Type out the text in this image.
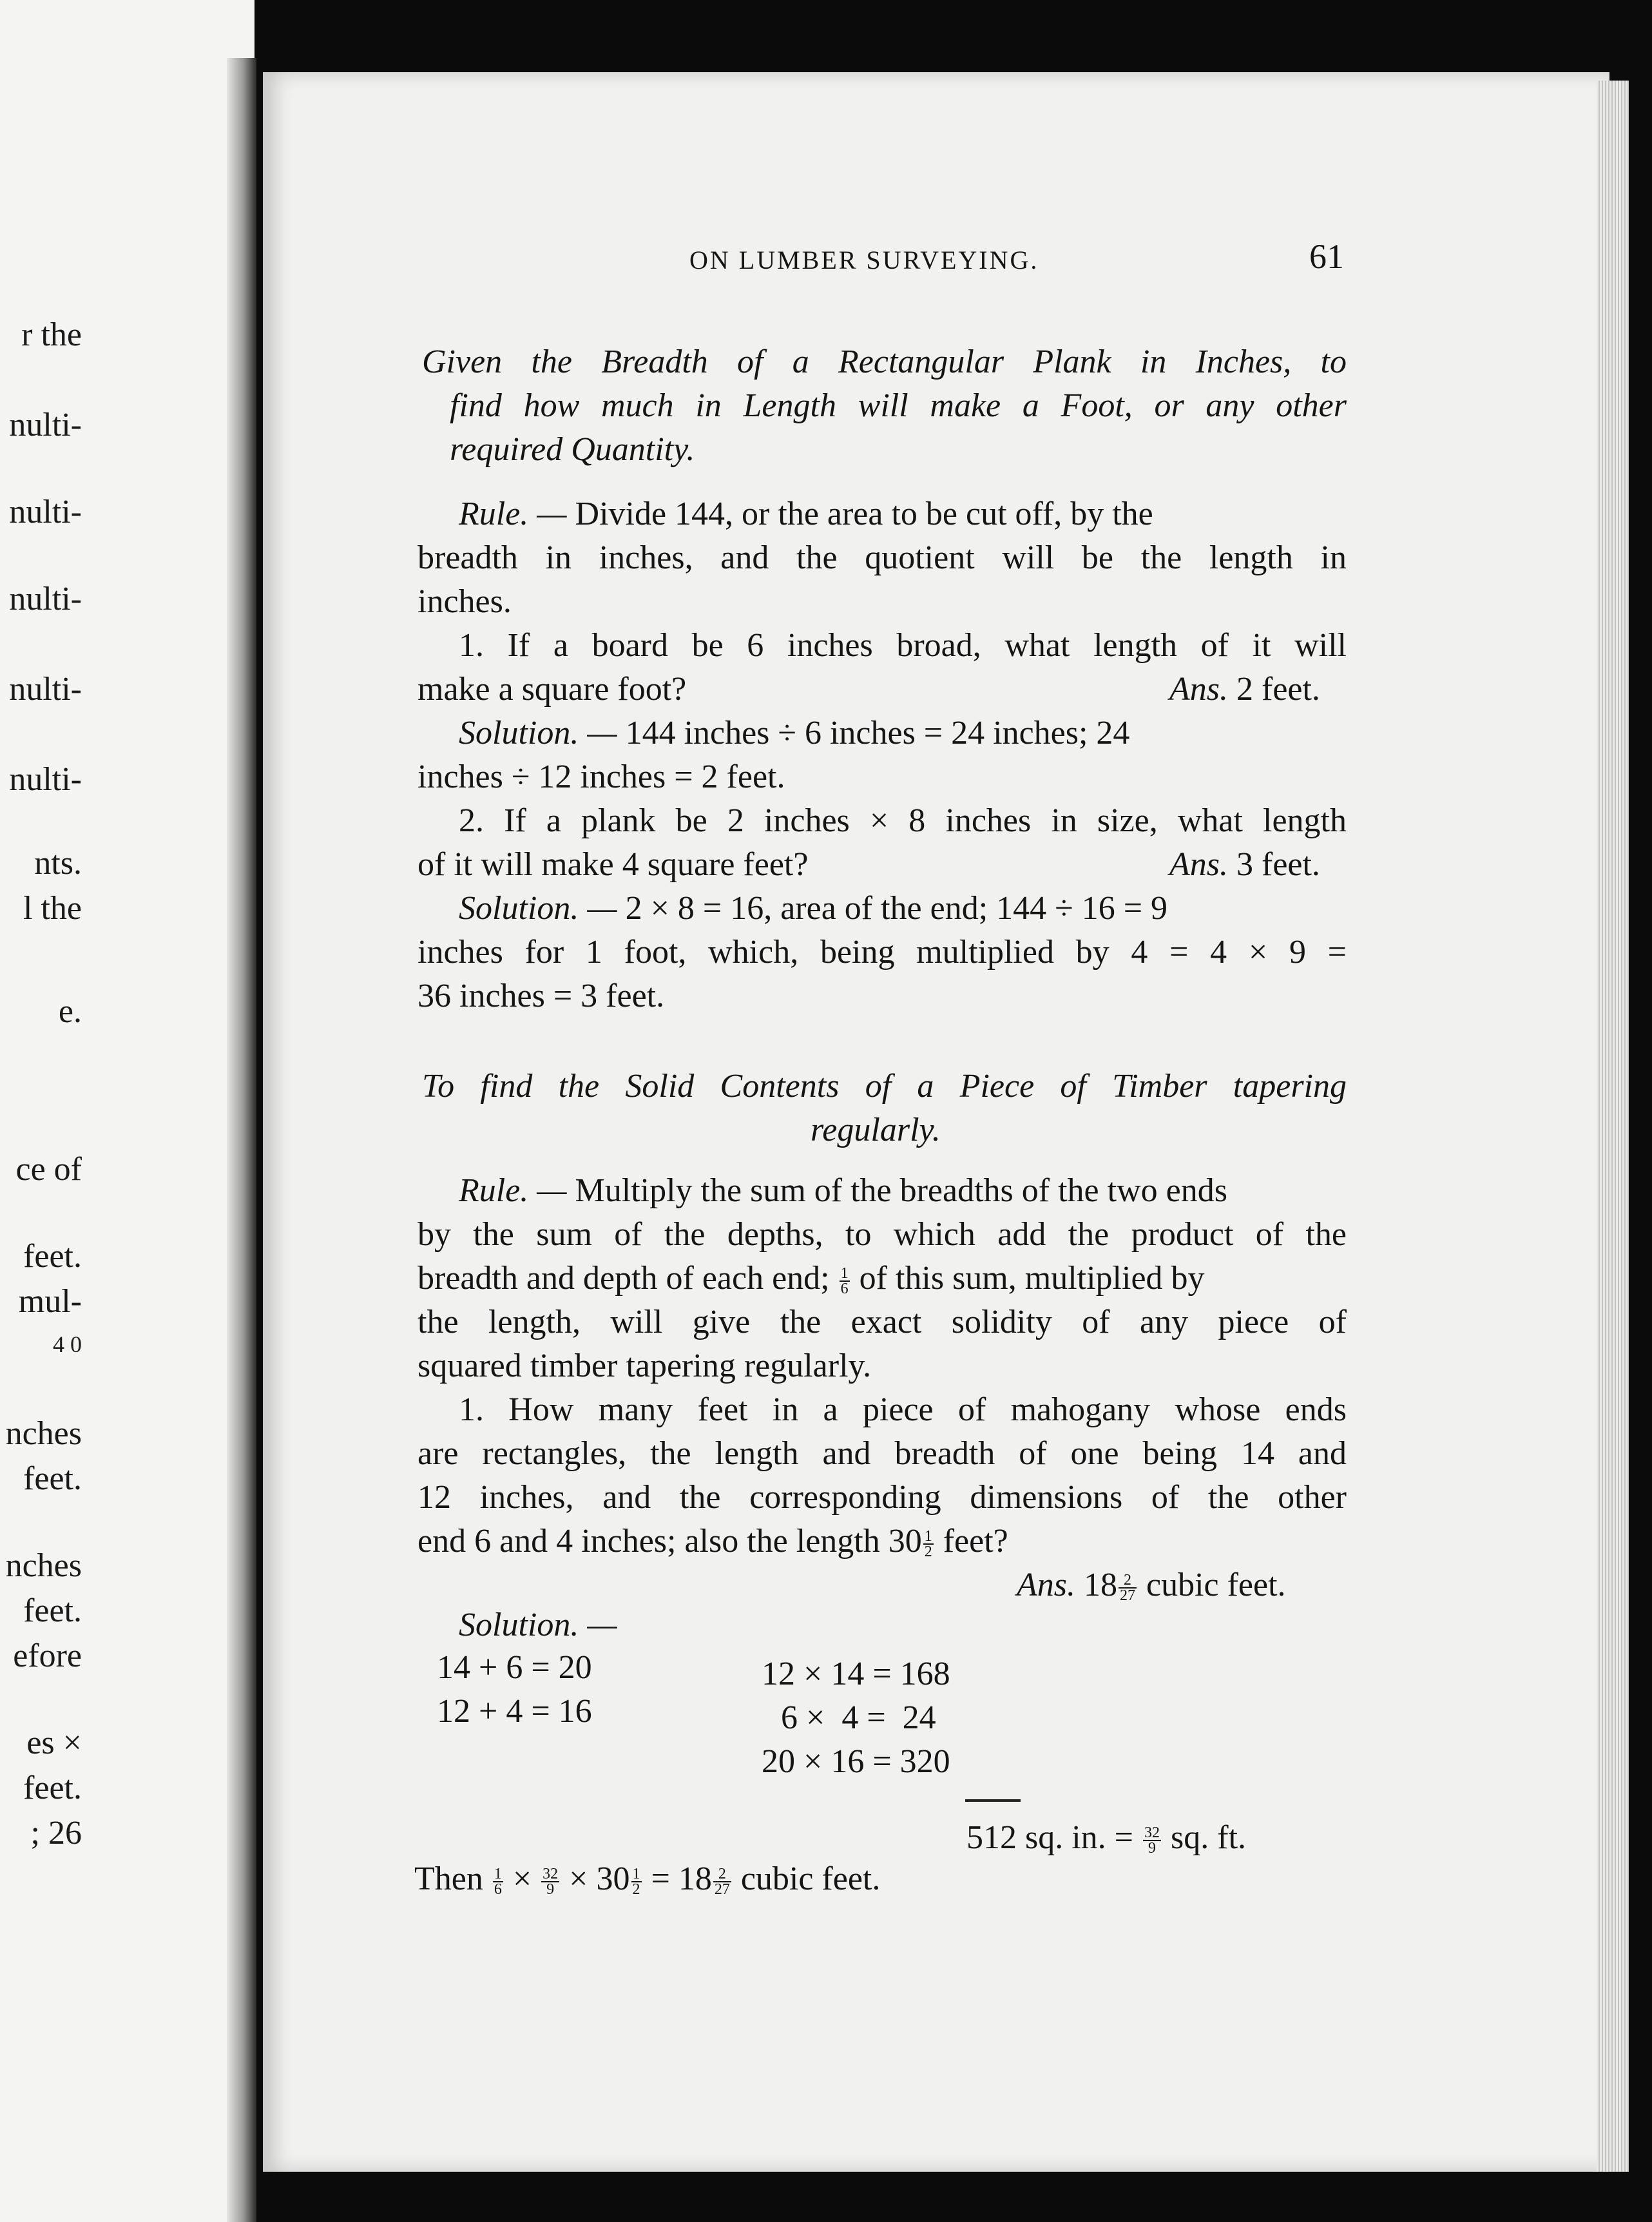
r the
nulti-
nulti-
nulti-
nulti-
nulti-
nts.
l the
e.
ce of
feet.
mul-
4 0
nches
feet.
nches
feet.
efore
es ×
feet.
; 26
ON LUMBER SURVEYING.	61
Given the Breadth of a Rectangular Plank in Inches, to
find how much in Length will make a Foot, or any other
required Quantity.
Rule. — Divide 144, or the area to be cut off, by the
breadth in inches, and the quotient will be the length in
inches.
1. If a board be 6 inches broad, what length of it will
make a square foot?	Ans. 2 feet.
Solution. — 144 inches ÷ 6 inches = 24 inches; 24
inches ÷ 12 inches = 2 feet.
2. If a plank be 2 inches × 8 inches in size, what length
of it will make 4 square feet?	Ans. 3 feet.
Solution. — 2 × 8 = 16, area of the end; 144 ÷ 16 = 9
inches for 1 foot, which, being multiplied by 4 = 4 × 9 =
36 inches = 3 feet.
To find the Solid Contents of a Piece of Timber tapering
regularly.
Rule. — Multiply the sum of the breadths of the two ends
by the sum of the depths, to which add the product of the
breadth and depth of each end; $\frac{1}{6}$ of this sum, multiplied by
the length, will give the exact solidity of any piece of
squared timber tapering regularly.
1. How many feet in a piece of mahogany whose ends
are rectangles, the length and breadth of one being 14 and
12 inches, and the corresponding dimensions of the other
end 6 and 4 inches; also the length $30 \frac{1}{2}$ feet?
Ans. $18 \frac{2}{27}$ cubic feet.
Solution. —
14 + 6 = 20
12 + 4 = 16
12 × 14 = 168
6 ×  4 =  24
20 × 16 = 320
512 sq. in. = $\frac{32}{9}$ sq. ft.
Then $\frac{1}{6} \times \frac{32}{9} \times 30 \frac{1}{2} = 18 \frac{2}{27}$ cubic feet.
